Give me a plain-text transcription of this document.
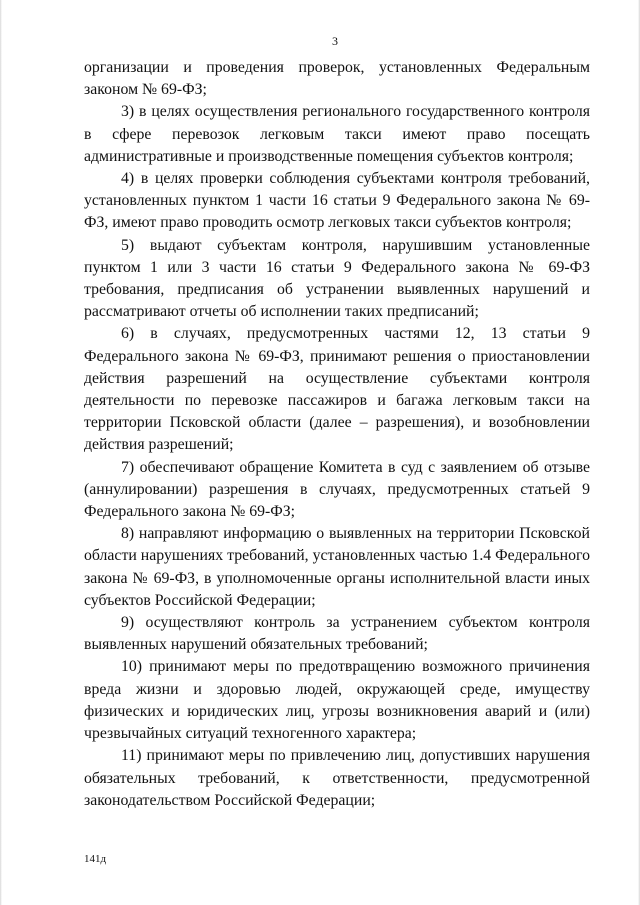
3

организации и проведения проверок, установленных Федеральным законом № 69-ФЗ;

3) в целях осуществления регионального государственного контроля в сфере перевозок легковым такси имеют право посещать административные и производственные помещения субъектов контроля;

4) в целях проверки соблюдения субъектами контроля требований, установленных пунктом 1 части 16 статьи 9 Федерального закона № 69-ФЗ, имеют право проводить осмотр легковых такси субъектов контроля;

5) выдают субъектам контроля, нарушившим установленные пунктом 1 или 3 части 16 статьи 9 Федерального закона № 69-ФЗ требования, предписания об устранении выявленных нарушений и рассматривают отчеты об исполнении таких предписаний;

6) в случаях, предусмотренных частями 12, 13 статьи 9 Федерального закона № 69-ФЗ, принимают решения о приостановлении действия разрешений на осуществление субъектами контроля деятельности по перевозке пассажиров и багажа легковым такси на территории Псковской области (далее – разрешения), и возобновлении действия разрешений;

7) обеспечивают обращение Комитета в суд с заявлением об отзыве (аннулировании) разрешения в случаях, предусмотренных статьей 9 Федерального закона № 69-ФЗ;

8) направляют информацию о выявленных на территории Псковской области нарушениях требований, установленных частью 1.4 Федерального закона № 69-ФЗ, в уполномоченные органы исполнительной власти иных субъектов Российской Федерации;

9) осуществляют контроль за устранением субъектом контроля выявленных нарушений обязательных требований;

10) принимают меры по предотвращению возможного причинения вреда жизни и здоровью людей, окружающей среде, имуществу физических и юридических лиц, угрозы возникновения аварий и (или) чрезвычайных ситуаций техногенного характера;

11) принимают меры по привлечению лиц, допустивших нарушения обязательных требований, к ответственности, предусмотренной законодательством Российской Федерации;

141д
